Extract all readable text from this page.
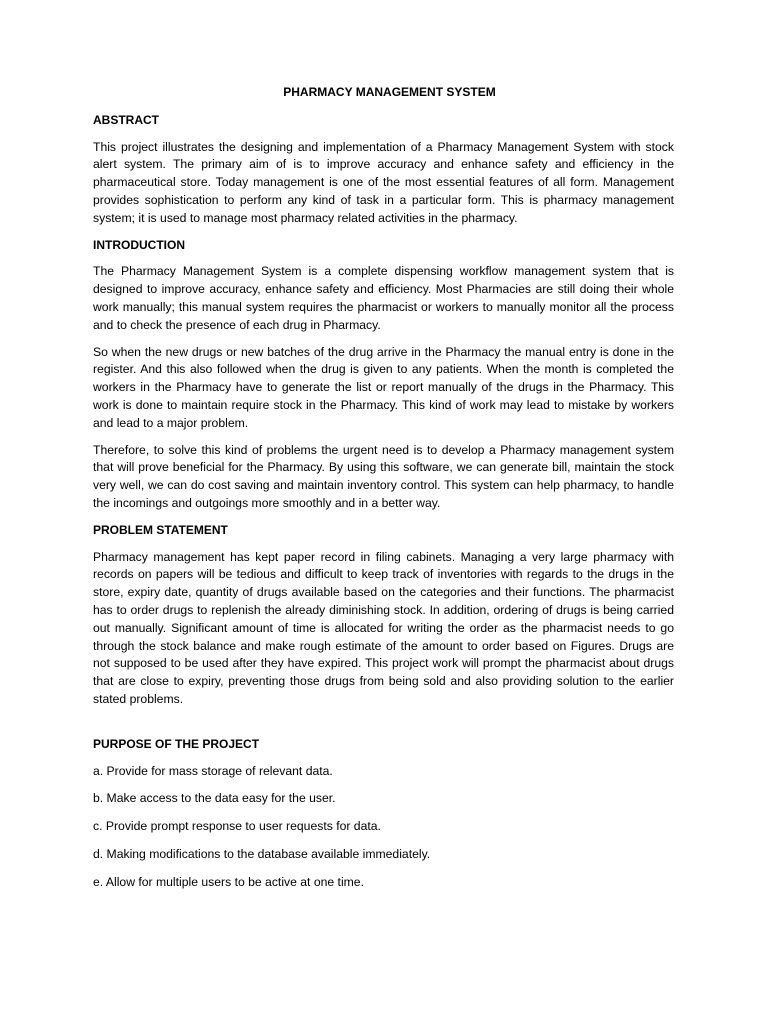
PHARMACY MANAGEMENT SYSTEM
ABSTRACT

This project illustrates the designing and implementation of a Pharmacy Management System with stock alert system. The primary aim of is to improve accuracy and enhance safety and efficiency in the pharmaceutical store. Today management is one of the most essential features of all form. Management provides sophistication to perform any kind of task in a particular form. This is pharmacy management system; it is used to manage most pharmacy related activities in the pharmacy.

INTRODUCTION

The Pharmacy Management System is a complete dispensing workflow management system that is designed to improve accuracy, enhance safety and efficiency. Most Pharmacies are still doing their whole work manually; this manual system requires the pharmacist or workers to manually monitor all the process and to check the presence of each drug in Pharmacy.

So when the new drugs or new batches of the drug arrive in the Pharmacy the manual entry is done in the register. And this also followed when the drug is given to any patients. When the month is completed the workers in the Pharmacy have to generate the list or report manually of the drugs in the Pharmacy. This work is done to maintain require stock in the Pharmacy. This kind of work may lead to mistake by workers and lead to a major problem.

Therefore, to solve this kind of problems the urgent need is to develop a Pharmacy management system that will prove beneficial for the Pharmacy. By using this software, we can generate bill, maintain the stock very well, we can do cost saving and maintain inventory control. This system can help pharmacy, to handle the incomings and outgoings more smoothly and in a better way.

PROBLEM STATEMENT

Pharmacy management has kept paper record in filing cabinets. Managing a very large pharmacy with records on papers will be tedious and difficult to keep track of inventories with regards to the drugs in the store, expiry date, quantity of drugs available based on the categories and their functions. The pharmacist has to order drugs to replenish the already diminishing stock. In addition, ordering of drugs is being carried out manually. Significant amount of time is allocated for writing the order as the pharmacist needs to go through the stock balance and make rough estimate of the amount to order based on Figures. Drugs are not supposed to be used after they have expired. This project work will prompt the pharmacist about drugs that are close to expiry, preventing those drugs from being sold and also providing solution to the earlier stated problems.

PURPOSE OF THE PROJECT
a. Provide for mass storage of relevant data.
b. Make access to the data easy for the user.
c. Provide prompt response to user requests for data.
d. Making modifications to the database available immediately.
e. Allow for multiple users to be active at one time.
